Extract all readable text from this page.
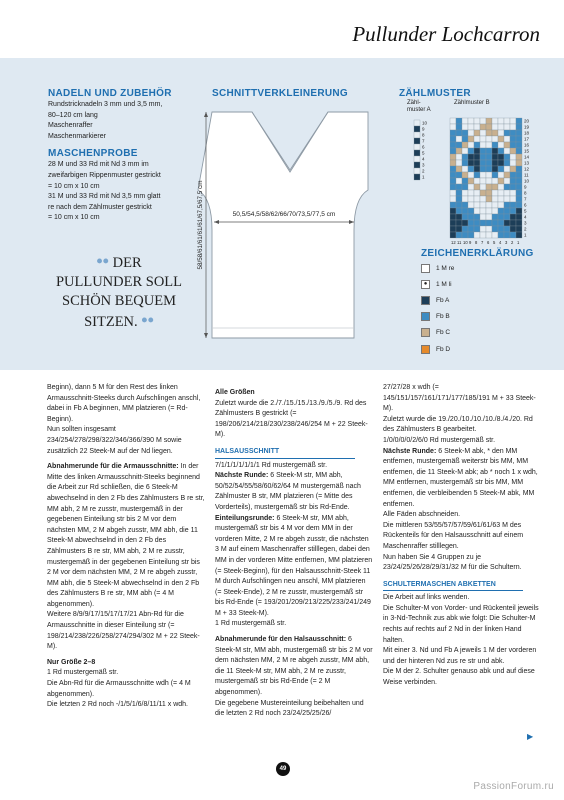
Pullunder Lochcarron

NADELN UND ZUBEHÖR

Rundstricknadeln 3 mm und 3,5 mm,

80–120 cm lang

Maschenraffer

Maschenmarkierer

MASCHENPROBE

28 M und 33 Rd mit Nd 3 mm im

zweifarbigen Rippenmuster gestrickt

= 10 cm x 10 cm

31 M und 33 Rd mit Nd 3,5 mm glatt

re nach dem Zählmuster gestrickt

= 10 cm x 10 cm

•• DER
PULLUNDER SOLL
SCHÖN BEQUEM
SITZEN. ••

SCHNITTVERKLEINERUNG

50,5/54,5/58/62/66/70/73,5/77,5 cm
58/58/61/61/61/61/67,5/67,5 cm

ZÄHLMUSTER

Zähl-
muster A
Zählmuster B
10
9
8
7
6
5
4
3
2
1
20
19
18
17
16
15
14
13
12
11
10
9
8
7
6
5
4
3
2
1
12 11 10 9 8 7 6 5 4 3 2 1

ZEICHENERKLÄRUNG

1 M re
●	1 M li
Fb A
Fb B
Fb C
Fb D

Beginn), dann 5 M für den Rest des linken Armausschnitt-Steeks durch Aufschlingen anschl, dabei in Fb A beginnen, MM platzieren (= Rd-Beginn).

Nun sollten insgesamt 234/254/278/298/322/346/366/390 M sowie zusätzlich 22 Steek-M auf der Nd liegen.

Abnahmerunde für die Armausschnitte: In der Mitte des linken Armausschnitt-Steeks beginnend die Arbeit zur Rd schließen, die 6 Steek-M abwechselnd in den 2 Fb des Zählmusters B re str, MM abh, 2 M re zusstr, mustergemäß in der gegebenen Einteilung str bis 2 M vor dem nächsten MM, 2 M abgeh zusstr, MM abh, die 11 Steek-M abwechselnd in den 2 Fb des Zählmusters B re str, MM abh, 2 M re zusstr, mustergemäß in der gegebenen Einteilung str bis 2 M vor dem nächsten MM, 2 M re abgeh zusstr, MM abh, die 5 Steek-M abwechselnd in den 2 Fb des Zählmusters B re str, MM abh (= 4 M abgenommen).

Weitere 8/9/9/17/15/17/17/21 Abn-Rd für die Armausschnitte in dieser Einteilung str (= 198/214/238/226/258/274/294/302 M + 22 Steek-M).

Nur Größe 2–8

1 Rd mustergemäß str.

Die Abn-Rd für die Armausschnitte wdh (= 4 M abgenommen).

Die letzten 2 Rd noch -/1/5/1/6/8/11/11 x wdh.

Alle Größen

Zuletzt wurde die 2./7./15./15./13./9./5./9. Rd des Zählmusters B gestrickt (= 198/206/214/218/230/238/246/254 M + 22 Steek-M).

HALSAUSSCHNITT

7/1/1/1/1/1/1/1 Rd mustergemäß str.

Nächste Runde: 6 Steek-M str, MM abh, 50/52/54/55/58/60/62/64 M mustergemäß nach Zählmuster B str, MM platzieren (= Mitte des Vorderteils), mustergemäß str bis Rd-Ende.

Einteilungsrunde: 6 Steek-M str, MM abh, mustergemäß str bis 4 M vor dem MM in der vorderen Mitte, 2 M re abgeh zusstr, die nächsten 3 M auf einem Maschenraffer stilllegen, dabei den MM in der vorderen Mitte entfernen, MM platzieren (= Steek-Beginn), für den Halsausschnitt-Steek 11 M durch Aufschlingen neu anschl, MM platzieren (= Steek-Ende), 2 M re zusstr, mustergemäß str bis Rd-Ende (= 193/201/209/213/225/233/241/249 M + 33 Steek-M).

1 Rd mustergemäß str.

Abnahmerunde für den Halsausschnitt: 6 Steek-M str, MM abh, mustergemäß str bis 2 M vor dem nächsten MM, 2 M re abgeh zusstr, MM abh, die 11 Steek-M str, MM abh, 2 M re zusstr, mustergemäß str bis Rd-Ende (= 2 M abgenommen).

Die gegebene Mustereinteilung beibehalten und die letzten 2 Rd noch 23/24/25/25/26/

27/27/28 x wdh (= 145/151/157/161/171/177/185/191 M + 33 Steek-M).

Zuletzt wurde die 19./20./10./10./10./8./4./20. Rd des Zählmusters B gearbeitet.

1/0/0/0/0/2/6/0 Rd mustergemäß str.

Nächste Runde: 6 Steek-M abk, * den MM entfernen, mustergemäß weiterstr bis MM, MM entfernen, die 11 Steek-M abk; ab * noch 1 x wdh, MM entfernen, mustergemäß str bis MM, MM entfernen, die verbleibenden 5 Steek-M abk, MM entfernen.

Alle Fäden abschneiden.

Die mittleren 53/55/57/57/59/61/61/63 M des Rückenteils für den Halsausschnitt auf einem Maschenraffer stilllegen.

Nun haben Sie 4 Gruppen zu je 23/24/25/26/28/29/31/32 M für die Schultern.

SCHULTERMASCHEN ABKETTEN

Die Arbeit auf links wenden.

Die Schulter-M von Vorder- und Rückenteil jeweils in 3-Nd-Technik zus abk wie folgt: Die Schulter-M rechts auf rechts auf 2 Nd in der linken Hand halten.

Mit einer 3. Nd und Fb A jeweils 1 M der vorderen und der hinteren Nd zus re str und abk.

Die M der 2. Schulter genauso abk und auf diese Weise verbinden.

▶
49
PassionForum.ru
